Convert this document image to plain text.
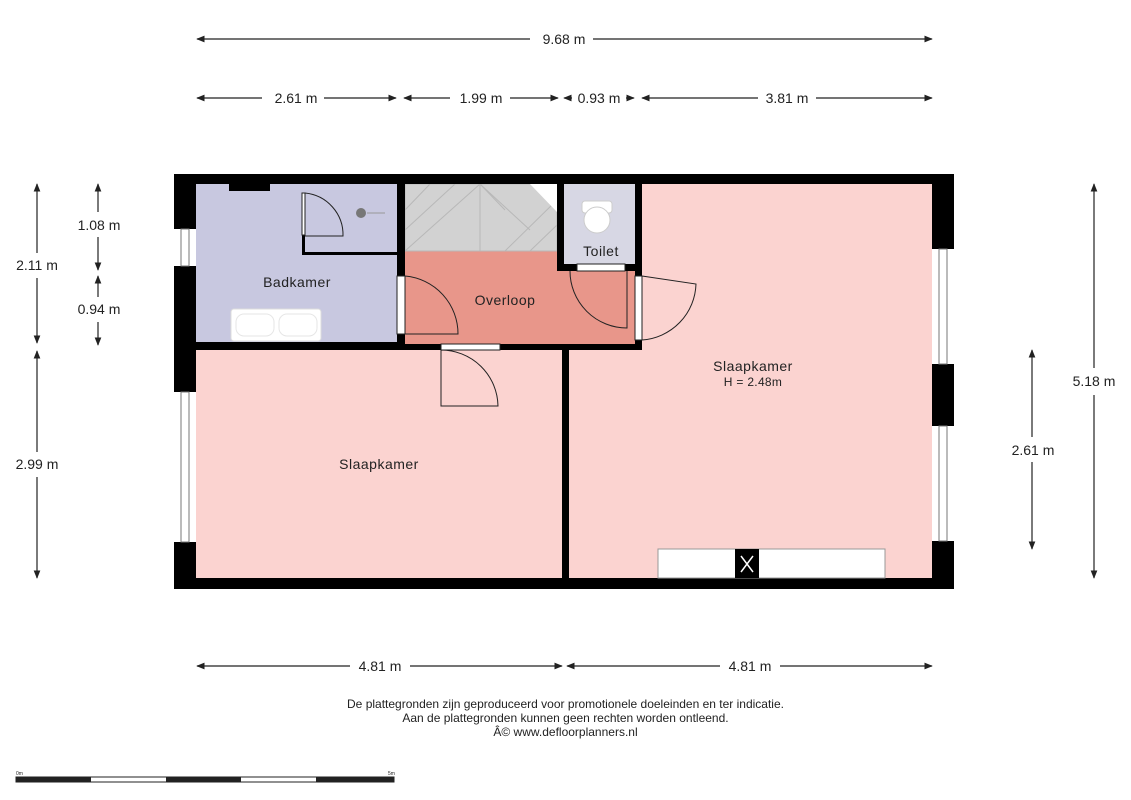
9.68 m
2.61 m	1.99 m	0.93 m	3.81 m
2.11 m
2.99 m
1.08 m
0.94 m
5.18 m
2.61 m
4.81 m	4.81 m
Badkamer
Overloop
Toilet
Slaapkamer
H = 2.48m
Slaapkamer
0m	5m
De plattegronden zijn geproduceerd voor promotionele doeleinden en ter indicatie.
Aan de plattegronden kunnen geen rechten worden ontleend.
Â© www.defloorplanners.nl
